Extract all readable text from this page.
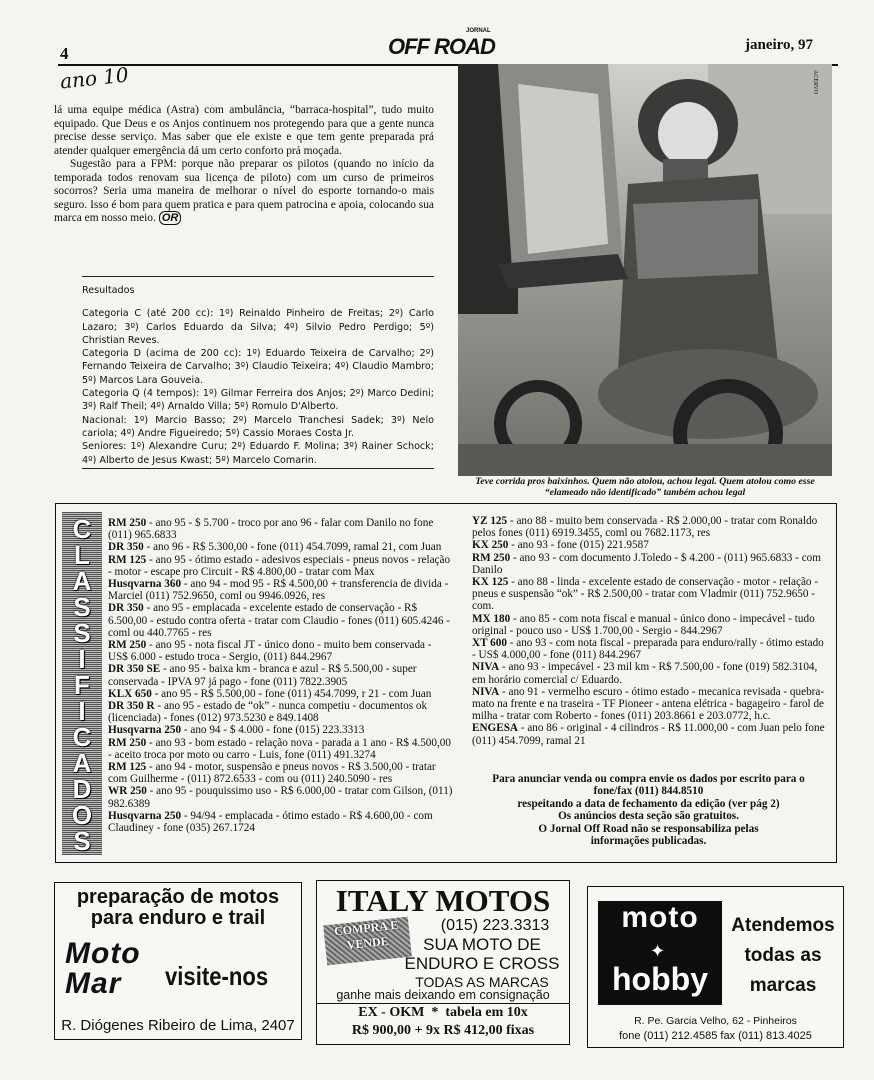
4	OFF ROAD
JORNAL
janeiro, 97
ano 10

lá uma equipe médica (Astra) com ambulância, “barraca-hospital”, tudo muito equipado. Que Deus e os Anjos continuem nos protegendo para que a gente nunca precise desse serviço. Mas saber que ele existe e que tem gente preparada prá atender qualquer emergência dá um certo conforto prá moçada.

Sugestão para a FPM: porque não preparar os pilotos (quando no início da temporada todos renovam sua licença de piloto) com um curso de primeiros socorros? Seria uma maneira de melhorar o nível do esporte tornando-o mais seguro. Isso é bom para quem pratica e para quem patrocina e apoia, colocando sua marca em nosso meio. OR

Resultados

Categoria C (até 200 cc): 1º) Reinaldo Pinheiro de Freitas; 2º) Carlo Lazaro; 3º) Carlos Eduardo da Silva; 4º) Silvio Pedro Perdigo; 5º) Christian Reves.

Categoria D (acima de 200 cc): 1º) Eduardo Teixeira de Carvalho; 2º) Fernando Teixeira de Carvalho; 3º) Claudio Teixeira; 4º) Claudio Mambro; 5º) Marcos Lara Gouveia.

Categoria Q (4 tempos): 1º) Gilmar Ferreira dos Anjos; 2º) Marco Dedini; 3º) Ralf Theil; 4º) Arnaldo Villa; 5º) Romulo D'Alberto.

Nacional: 1º) Marcio Basso; 2º) Marcelo Tranchesi Sadek; 3º) Nelo cariola; 4º) Andre Figueiredo; 5º) Cassio Moraes Costa Jr.

Seniores: 1º) Alexandre Curu; 2º) Eduardo F. Molina; 3º) Rainer Schock; 4º) Alberto de Jesus Kwast; 5º) Marcelo Comarin.

ACERVO
Teve corrida pros baixinhos. Quem não atolou, achou legal. Quem atolou como esse
“elameado não identificado” também achou legal
C
L
A
S
S
I
F
I
C
A
D
O
S

RM 250 - ano 95 - $ 5.700 - troco por ano 96 - falar com Danilo no fone (011) 965.6833

DR 350 - ano 96 - R$ 5.300,00 - fone (011) 454.7099, ramal 21, com Juan

RM 125 - ano 95 - ótimo estado - adesivos especiais - pneus novos - relação - motor - escape pro Circuit - R$ 4.800,00 - tratar com Max

Husqvarna 360 - ano 94 - mod 95 - R$ 4.500,00 + transferencia de divida - Marciel (011) 752.9650, coml ou 9946.0926, res

DR 350 - ano 95 - emplacada - excelente estado de conservação - R$ 6.500,00 - estudo contra oferta - tratar com Claudio - fones (011) 605.4246 - coml ou 440.7765 - res

RM 250 - ano 95 - nota fiscal JT - único dono - muito bem conservada - US$ 6.000 - estudo troca - Sergio, (011) 844.2967

DR 350 SE - ano 95 - baixa km - branca e azul - R$ 5.500,00 - super conservada - IPVA 97 já pago - fone (011) 7822.3905

KLX 650 - ano 95 - R$ 5.500,00 - fone (011) 454.7099, r 21 - com Juan

DR 350 R - ano 95 - estado de “ok” - nunca competiu - documentos ok (licenciada) - fones (012) 973.5230 e 849.1408

Husqvarna 250 - ano 94 - $ 4.000 - fone (015) 223.3313

RM 250 - ano 93 - bom estado - relação nova - parada a 1 ano - R$ 4.500,00 - aceito troca por moto ou carro - Luis, fone (011) 491.3274

RM 125 - ano 94 - motor, suspensão e pneus novos - R$ 3.500,00 - tratar com Guilherme - (011) 872.6533 - com ou (011) 240.5090 - res

WR 250 - ano 95 - pouquissimo uso - R$ 6.000,00 - tratar com Gilson, (011) 982.6389

Husqvarna 250 - 94/94 - emplacada - ótimo estado - R$ 4.600,00 - com Claudiney - fone (035) 267.1724

YZ 125 - ano 88 - muito bem conservada - R$ 2.000,00 - tratar com Ronaldo pelos fones (011) 6919.3455, coml ou 7682.1173, res

KX 250 - ano 93 - fone (015) 221.9587

RM 250 - ano 93 - com documento J.Toledo - $ 4.200 - (011) 965.6833 - com Danilo

KX 125 - ano 88 - linda - excelente estado de conservação - motor - relação - pneus e suspensão “ok” - R$ 2.500,00 - tratar com Vladmir (011) 752.9650 - com.

MX 180 - ano 85 - com nota fiscal e manual - único dono - impecável - tudo original - pouco uso - US$ 1.700,00 - Sergio - 844.2967

XT 600 - ano 93 - com nota fiscal - preparada para enduro/rally - ótimo estado - US$ 4.000,00 - fone (011) 844.2967

NIVA - ano 93 - impecável - 23 mil km - R$ 7.500,00 - fone (019) 582.3104, em horário comercial c/ Eduardo.

NIVA - ano 91 - vermelho escuro - ótimo estado - mecanica revisada - quebra-mato na frente e na traseira - TF Pioneer - antena elétrica - bagageiro - farol de milha - tratar com Roberto - fones (011) 203.8661 e 203.0772, h.c.

ENGESA - ano 86 - original - 4 cilindros - R$ 11.000,00 - com Juan pelo fone (011) 454.7099, ramal 21

Para anunciar venda ou compra envie os dados por escrito para o
fone/fax (011) 844.8510
respeitando a data de fechamento da edição (ver pág 2)
Os anúncios desta seção são gratuitos.
O Jornal Off Road não se responsabiliza pelas
informações publicadas.
preparação de motos
para enduro e trail
Moto
Mar	visite-nos
R. Diógenes Ribeiro de Lima, 2407
ITALY MOTOS
COMPRA E
VENDE
(015) 223.3313
SUA MOTO DE
ENDURO E CROSS
TODAS AS MARCAS
ganhe mais deixando em consignação
EX - OKM  *  tabela em 10x
R$ 900,00 + 9x R$ 412,00 fixas
moto
✦
hobby
Atendemos
todas as
marcas
R. Pe. Garcia Velho, 62 - Pinheiros
fone (011) 212.4585 fax (011) 813.4025
